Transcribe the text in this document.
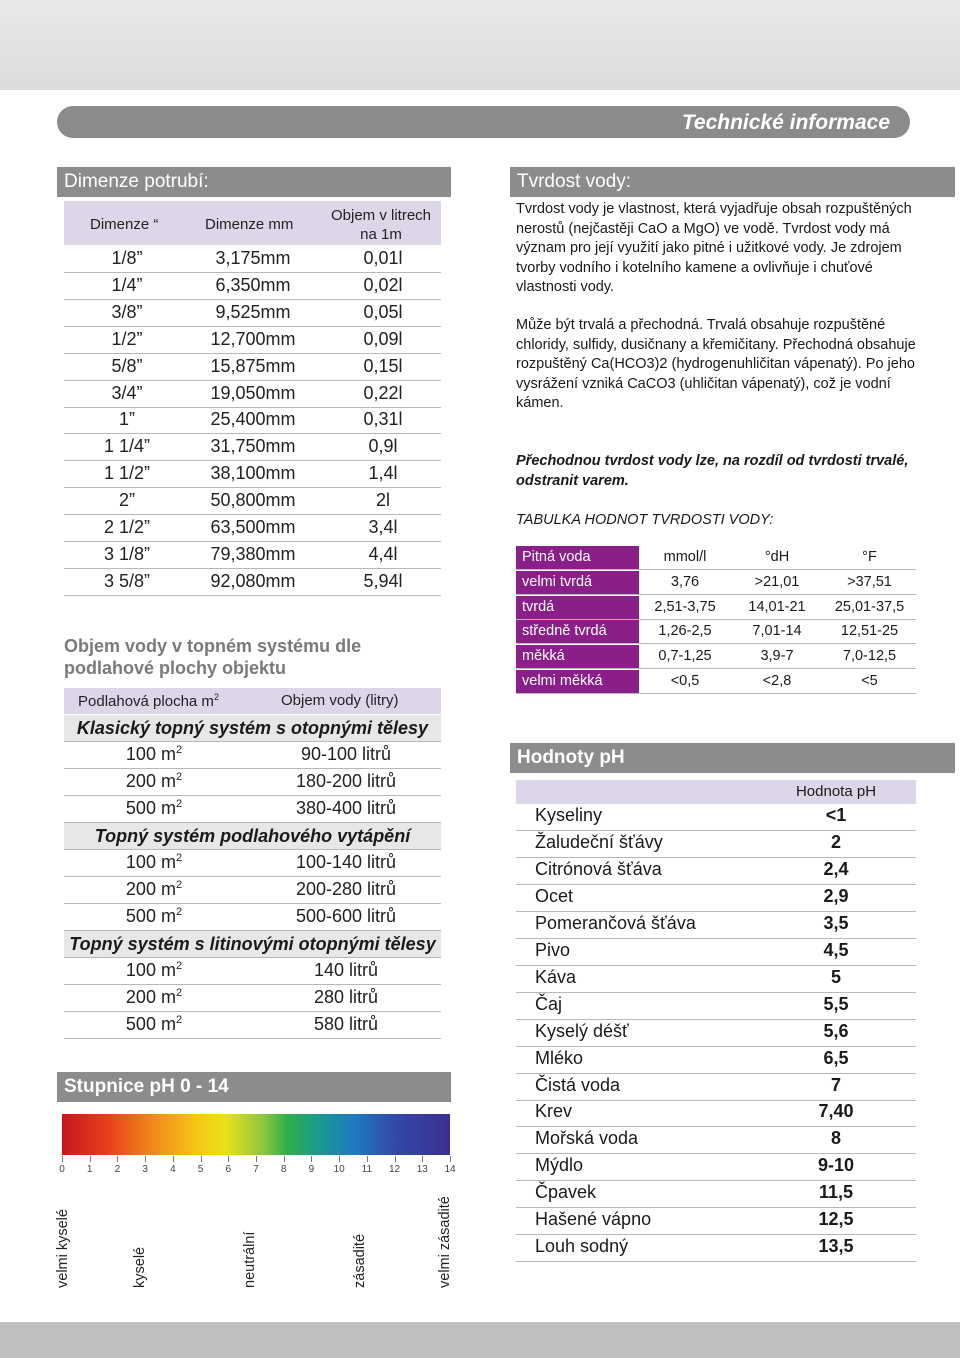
Technické informace
Dimenze potrubí:
Dimenze “	Dimenze mm
Objem v litrech
na 1m
1/8”	3,175mm	0,01l
1/4”	6,350mm	0,02l
3/8”	9,525mm	0,05l
1/2”	12,700mm	0,09l
5/8”	15,875mm	0,15l
3/4”	19,050mm	0,22l
1”	25,400mm	0,31l
1 1/4”	31,750mm	0,9l
1 1/2”	38,100mm	1,4l
2”	50,800mm	2l
2 1/2”	63,500mm	3,4l
3 1/8”	79,380mm	4,4l
3 5/8”	92,080mm	5,94l
Objem vody v topném systému dle podlahové plochy objektu
Podlahová plocha $m^2$	Objem vody (litry)
Klasický topný systém s otopnými tělesy
100 $m^2$	90-100 litrů
200 $m^2$	180-200 litrů
500 $m^2$	380-400 litrů
Topný systém podlahového vytápění
100 $m^2$	100-140 litrů
200 $m^2$	200-280 litrů
500 $m^2$	500-600 litrů
Topný systém s litinovými otopnými tělesy
100 $m^2$	140 litrů
200 $m^2$	280 litrů
500 $m^2$	580 litrů
Stupnice pH 0 - 14
0	1	2	3	4	5	6	7	8	9	10	11	12	13	14
velmi kyselé	kyselé	neutrální	zásadité	velmi zásadité
Tvrdost vody:
Tvrdost vody je vlastnost, která vyjadřuje obsah rozpuštěných nerostů (nejčastěji CaO a MgO) ve vodě. Tvrdost vody má význam pro její využití jako pitné i užitkové vody. Je zdrojem tvorby vodního i kotelního kamene a ovlivňuje i chuťové vlastnosti vody.
Může být trvalá a přechodná. Trvalá obsahuje rozpuštěné chloridy, sulfidy, dusičnany a křemičitany. Přechodná obsahuje rozpuštěný Ca(HCO3)2 (hydrogenuhličitan vápenatý). Po jeho vysrážení vzniká CaCO3 (uhličitan vápenatý), což je vodní kámen.
Přechodnou tvrdost vody lze, na rozdíl od tvrdosti trvalé, odstranit varem.
TABULKA HODNOT TVRDOSTI VODY:
Pitná voda	mmol/l	°dH	°F
velmi tvrdá	3,76	>21,01	>37,51
tvrdá	2,51-3,75	14,01-21	25,01-37,5
středně tvrdá	1,26-2,5	7,01-14	12,51-25
měkká	0,7-1,25	3,9-7	7,0-12,5
velmi měkká	<0,5	<2,8	<5
Hodnoty pH
Hodnota pH
Kyseliny	<1
Žaludeční šťávy	2
Citrónová šťáva	2,4
Ocet	2,9
Pomerančová šťáva	3,5
Pivo	4,5
Káva	5
Čaj	5,5
Kyselý déšť	5,6
Mléko	6,5
Čistá voda	7
Krev	7,40
Mořská voda	8
Mýdlo	9-10
Čpavek	11,5
Hašené vápno	12,5
Louh sodný	13,5
